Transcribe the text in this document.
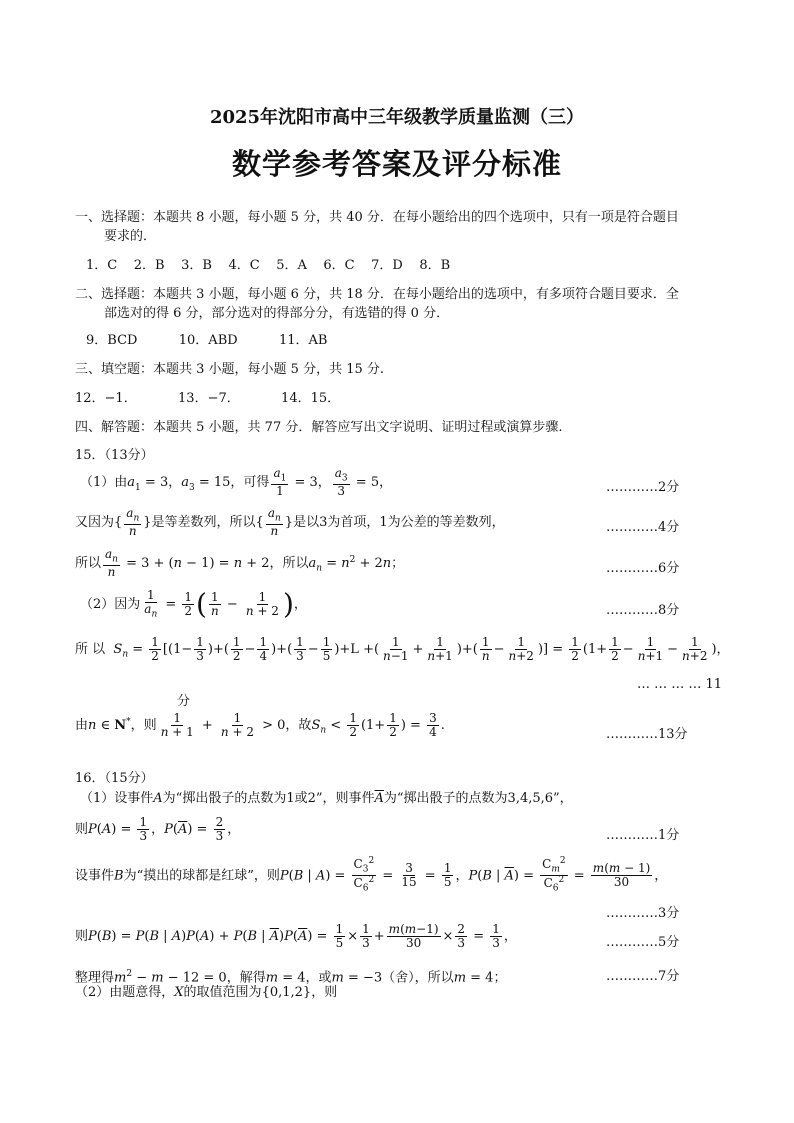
2025年沈阳市高中三年级教学质量监测（三）
数学参考答案及评分标准
一、选择题：本题共 8 小题，每小题 5 分，共 40 分．在每小题给出的四个选项中，只有一项是符合题目
要求的．
1．C    2．B    3．B    4．C    5．A    6．C    7．D    8．B
二、选择题：本题共 3 小题，每小题 6 分，共 18 分．在每小题给出的选项中，有多项符合题目要求．全
部选对的得 6 分，部分选对的得部分分，有选错的得 0 分．
9．BCD          10．ABD          11．AB
三、填空题：本题共 3 小题，每小题 5 分，共 15 分.
12．−1．          13．−7．          14．15．
四、解答题：本题共 5 小题，共 77 分．解答应写出文字说明、证明过程或演算步骤.
15．（13分）
（1）由$a_1 = 3$，$a_3 = 15$，可得 $\frac{a_1}{1} = 3$， $\frac{a_3}{3} = 5$，	…………2分
又因为{ $\frac{a_n}{n}$ }是等差数列，所以{ $\frac{a_n}{n}$ }是以3为首项，1为公差的等差数列，	…………4分
所以 $\frac{a_n}{n} = 3 + (n - 1) = n + 2$，所以$a_n = n^2 + 2n$；	…………6分
（2）因为 $\frac{1}{a_n} = \frac{1}{2}$ ( $\frac{1}{n} - \frac{1}{n + 2}$ )，	…………8分
所 以 $S_n = \frac{1}{2} [(1- \frac{1}{3}$ )+( $\frac{1}{2} - \frac{1}{4}$ )+( $\frac{1}{3} - \frac{1}{5} )+L$ +( $\frac{1}{n-1} + \frac{1}{n+1}$ )+( $\frac{1}{n} - \frac{1}{n+2}$ )] = $\frac{1}{2} (1+ \frac{1}{2} - \frac{1}{n+1} - \frac{1}{n+2}$ )，
… … … … 11
分
由n ∈ N*，则 $\frac{1}{n + 1} + \frac{1}{n + 2} > 0$，故$S_n < \frac{1}{2} (1+ \frac{1}{2}$ ) = $\frac{3}{4}$ .
…………13分
16．（15分）
（1）设事件A为“掷出骰子的点数为1或2”，则事件$\overline{A}$为“掷出骰子的点数为3,4,5,6”，
则$P(A) = \frac{1}{3}$ ，$P(\overline{A}) = \frac{2}{3}$ ，	…………1分
设事件B为“摸出的球都是红球”，则P(B | $A) = \frac{C_3^2}{C_6^2} = \frac{3}{15} = \frac{1}{5}$ ，P(B | $\overline{A}) = \frac{C_m^2}{C_6^2} = \frac{m(m - 1)}{30}$ ，
…………3分
则P(B) = P(B | A)P(A) + P(B | $\overline{A})P(\overline{A}) = \frac{1}{5} \times \frac{1}{3} + \frac{m(m-1)}{30} \times \frac{2}{3} = \frac{1}{3}$ ，	…………5分
整理得$m^2 - m - 12 = 0$，解得m = 4，或m = −3（舍），所以m = 4；	…………7分
（2）由题意得，X的取值范围为{0,1,2}，则
